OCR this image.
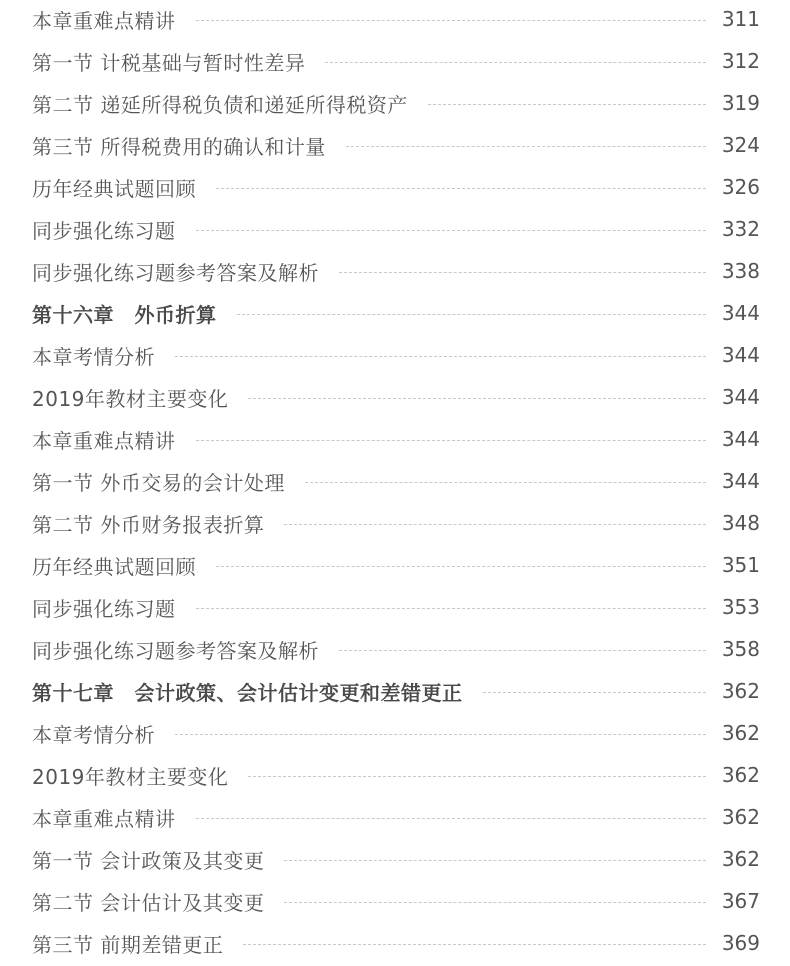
本章重难点精讲	311
第一节 计税基础与暂时性差异	312
第二节 递延所得税负债和递延所得税资产	319
第三节 所得税费用的确认和计量	324
历年经典试题回顾	326
同步强化练习题	332
同步强化练习题参考答案及解析	338
第十六章　外币折算	344
本章考情分析	344
2019年教材主要变化	344
本章重难点精讲	344
第一节 外币交易的会计处理	344
第二节 外币财务报表折算	348
历年经典试题回顾	351
同步强化练习题	353
同步强化练习题参考答案及解析	358
第十七章　会计政策、会计估计变更和差错更正	362
本章考情分析	362
2019年教材主要变化	362
本章重难点精讲	362
第一节 会计政策及其变更	362
第二节 会计估计及其变更	367
第三节 前期差错更正	369
